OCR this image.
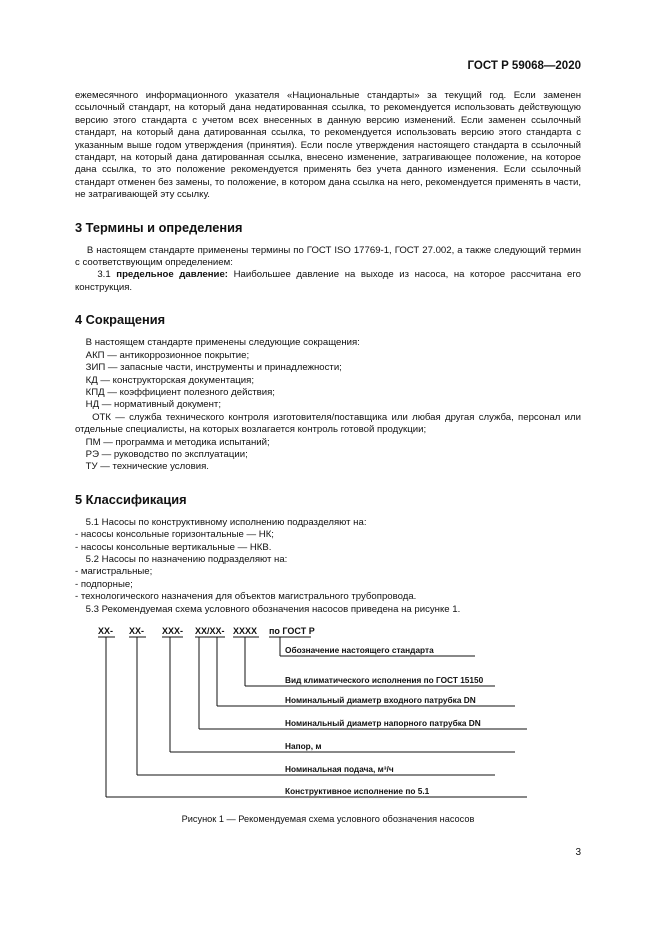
ГОСТ Р 59068—2020

ежемесячного информационного указателя «Национальные стандарты» за текущий год. Если заменен ссылочный стандарт, на который дана недатированная ссылка, то рекомендуется использовать действующую версию этого стандарта с учетом всех внесенных в данную версию изменений. Если заменен ссылочный стандарт, на который дана датированная ссылка, то рекомендуется использовать версию этого стандарта с указанным выше годом утверждения (принятия). Если после утверждения настоящего стандарта в ссылочный стандарт, на который дана датированная ссылка, внесено изменение, затрагивающее положение, на которое дана ссылка, то это положение рекомендуется применять без учета данного изменения. Если ссылочный стандарт отменен без замены, то положение, в котором дана ссылка на него, рекомендуется применять в части, не затрагивающей эту ссылку.

3 Термины и определения

В настоящем стандарте применены термины по ГОСТ ISO 17769-1, ГОСТ 27.002, а также следующий термин с соответствующим определением:

3.1 предельное давление: Наибольшее давление на выходе из насоса, на которое рассчитана его конструкция.

4 Сокращения

В настоящем стандарте применены следующие сокращения:

АКП — антикоррозионное покрытие;

ЗИП — запасные части, инструменты и принадлежности;

КД — конструкторская документация;

КПД — коэффициент полезного действия;

НД — нормативный документ;

ОТК — служба технического контроля изготовителя/поставщика или любая другая служба, персонал или отдельные специалисты, на которых возлагается контроль готовой продукции;

ПМ — программа и методика испытаний;

РЭ — руководство по эксплуатации;

ТУ — технические условия.

5 Классификация

5.1 Насосы по конструктивному исполнению подразделяют на:

- насосы консольные горизонтальные — НК;

- насосы консольные вертикальные — НКВ.

5.2 Насосы по назначению подразделяют на:

- магистральные;

- подпорные;

- технологического назначения для объектов магистрального трубопровода.

5.3 Рекомендуемая схема условного обозначения насосов приведена на рисунке 1.

ХХ- ХХ- ХХХ- ХХ/ХХ- ХХХХ по ГОСТ Р
Обозначение настоящего стандарта
Вид климатического исполнения по ГОСТ 15150
Номинальный диаметр входного патрубка DN
Номинальный диаметр напорного патрубка DN
Напор, м
Номинальная подача, м³/ч
Конструктивное исполнение по 5.1
Рисунок 1 — Рекомендуемая схема условного обозначения насосов
3
